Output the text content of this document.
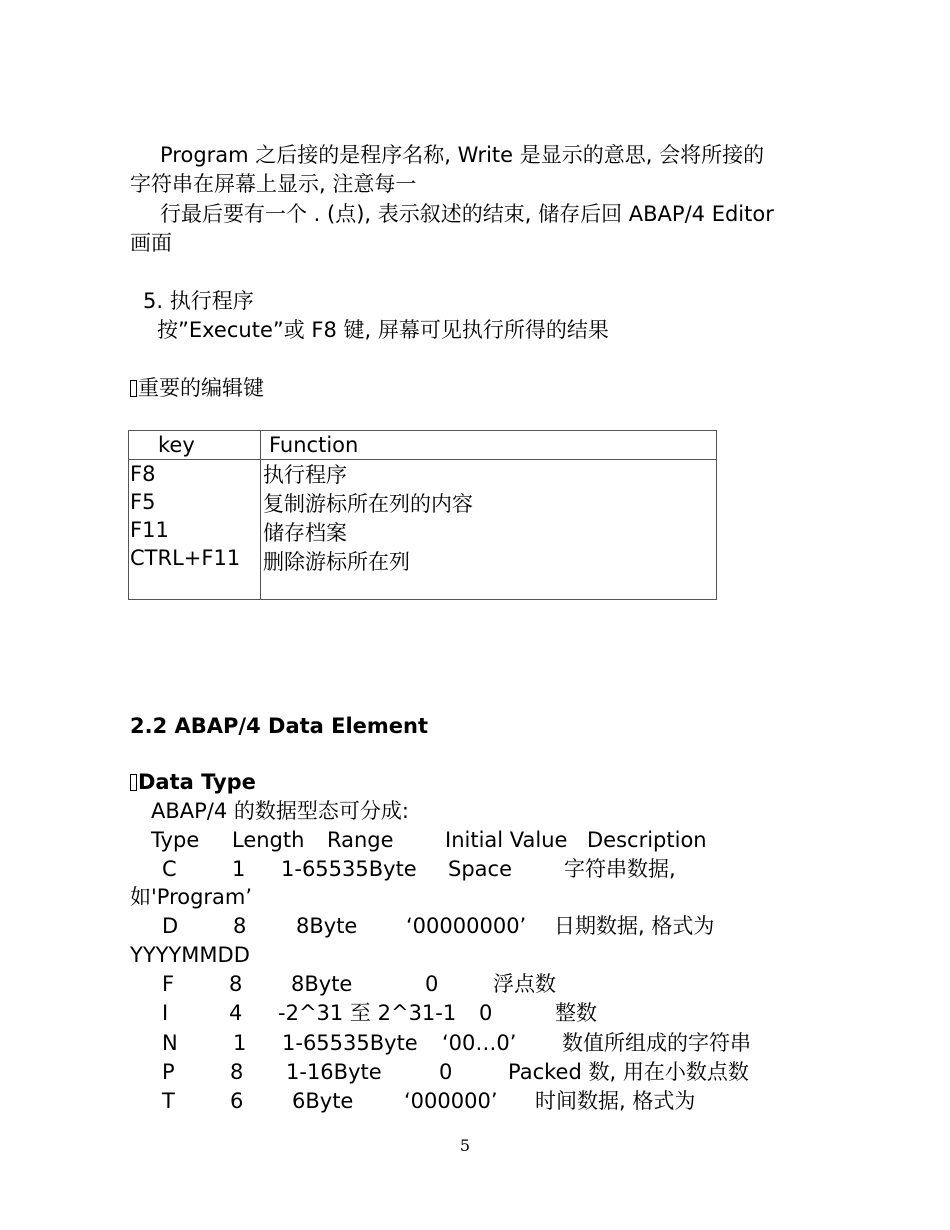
Program 之后接的是程序名称, Write 是显示的意思, 会将所接的
字符串在屏幕上显示, 注意每一
行最后要有一个 . (点), 表示叙述的结束, 储存后回 ABAP/4 Editor
画面
5. 执行程序
按”Execute”或 F8 键, 屏幕可见执行所得的结果
重要的编辑键
key	Function
F8	执行程序
F5	复制游标所在列的内容
F11	储存档案
CTRL+F11 删除游标所在列
2.2 ABAP/4 Data Element
Data Type
ABAP/4 的数据型态可分成:
Type Length Range Initial Value Description
C	1 1-65535Byte Space 字符串数据,
如'Program’
D	8 8Byte ‘00000000’ 日期数据, 格式为
YYYYMMDD
F	8 8Byte	0	浮点数
I	4 -2^31 至 2^31-1 0	整数
N	1 1-65535Byte ‘00…0’ 数值所组成的字符串
P	8 1-16Byte	0	Packed 数, 用在小数点数
T	6 6Byte ‘000000’ 时间数据, 格式为
5
